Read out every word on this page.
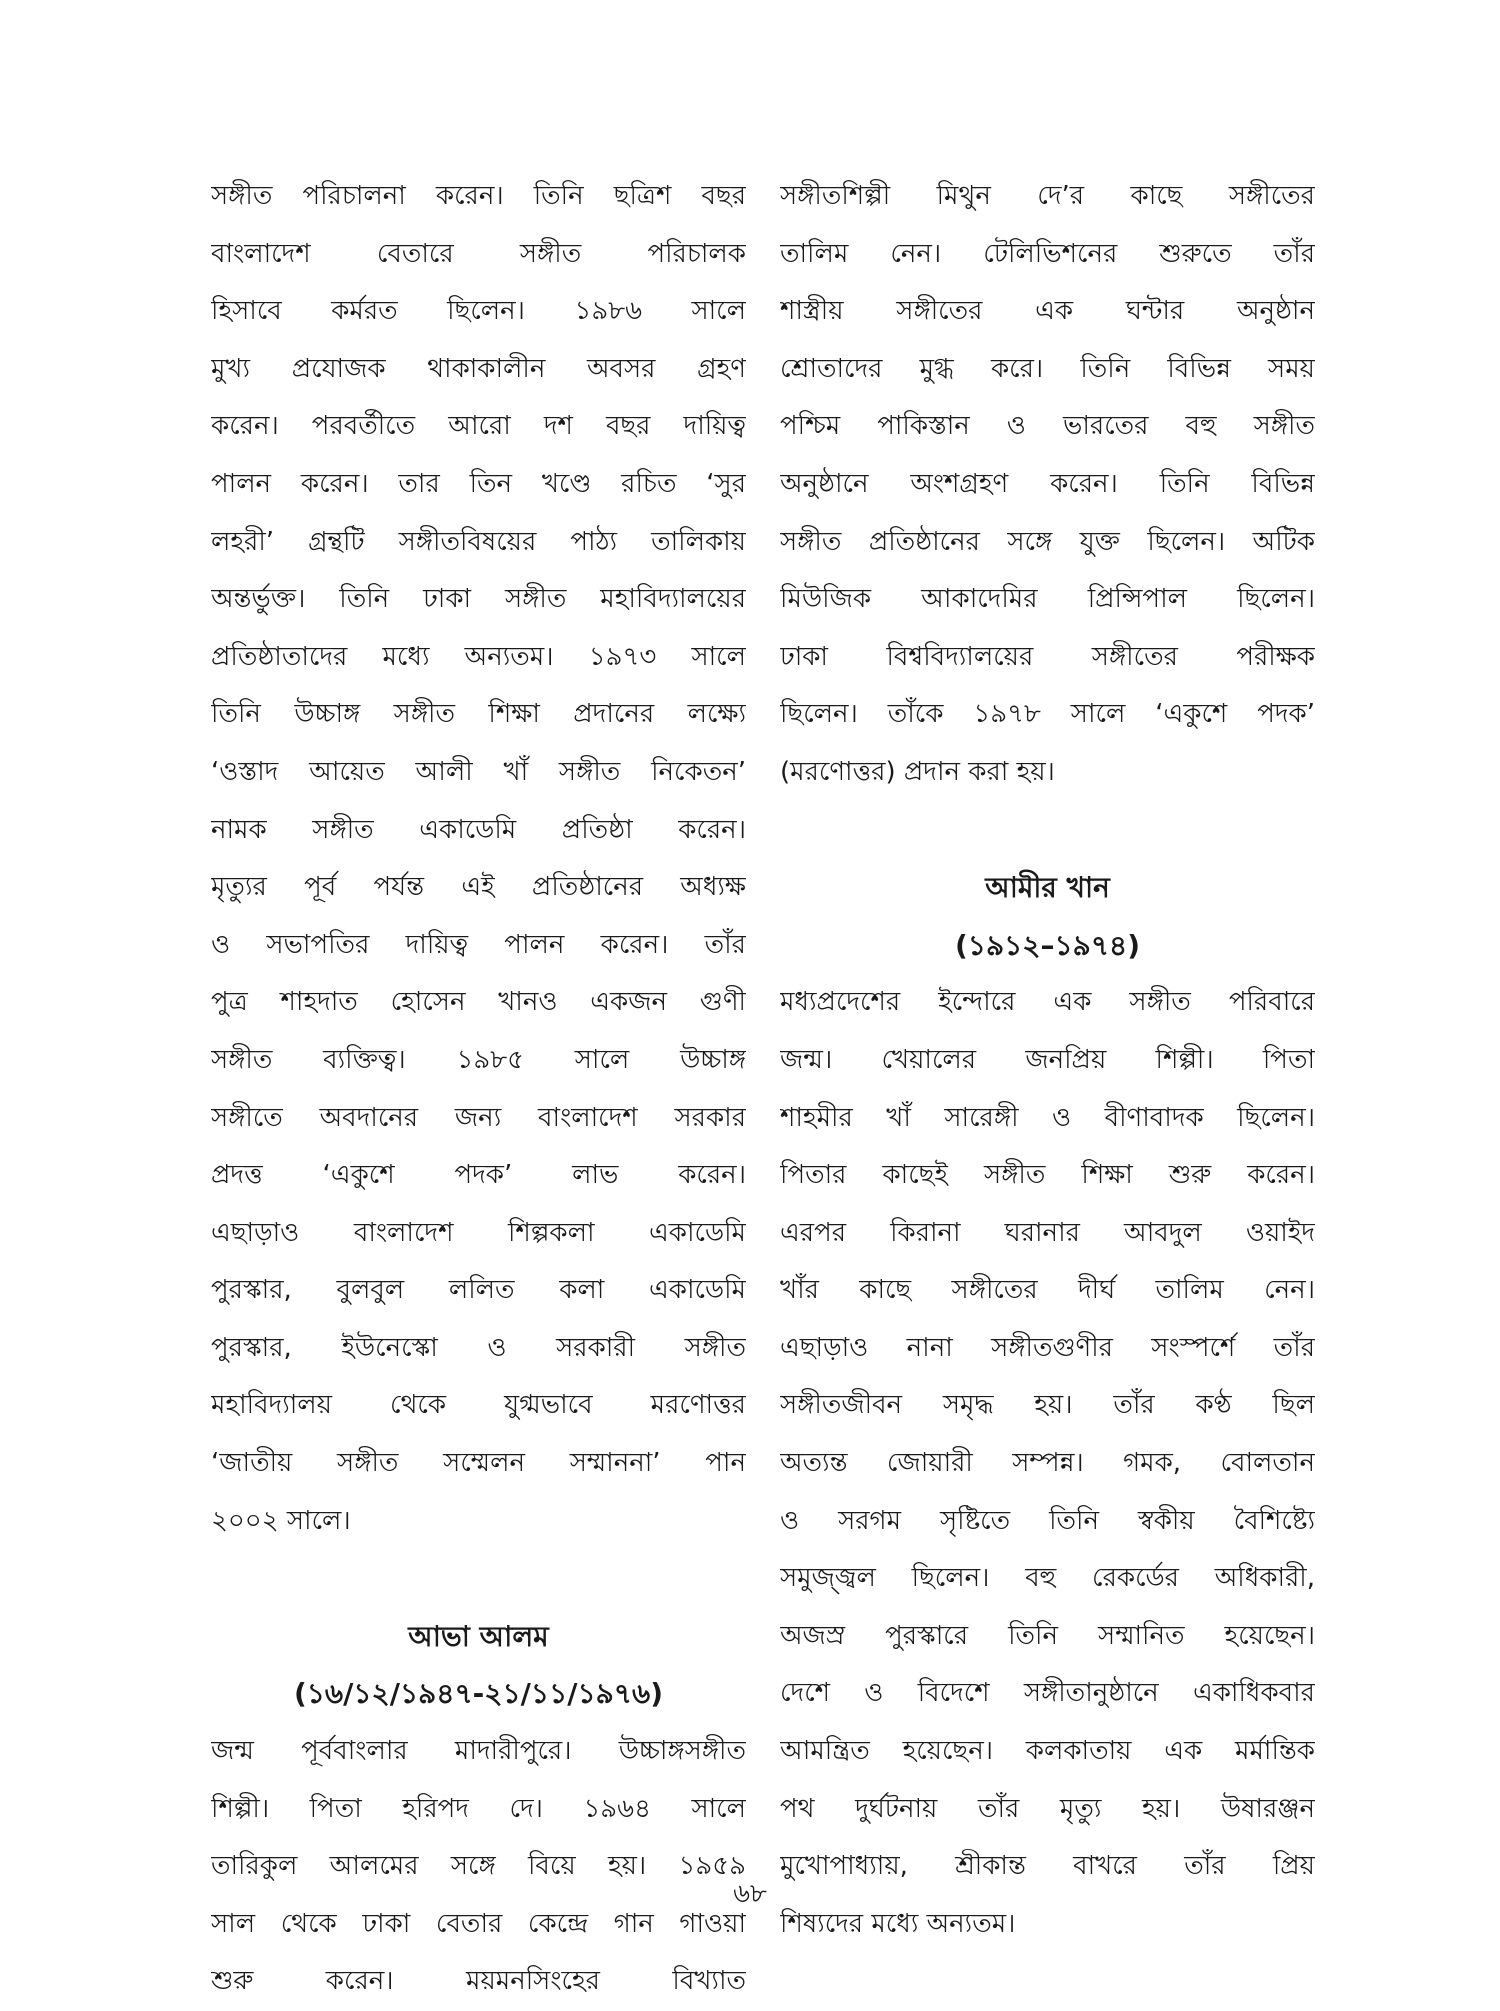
সঙ্গীত পরিচালনা করেন। তিনি ছত্রিশ বছর
বাংলাদেশ বেতারে সঙ্গীত পরিচালক
হিসাবে কর্মরত ছিলেন। ১৯৮৬ সালে
মুখ্য প্রযোজক থাকাকালীন অবসর গ্রহণ
করেন। পরবর্তীতে আরো দশ বছর দায়িত্ব
পালন করেন। তার তিন খণ্ডে রচিত ‘সুর
লহরী’ গ্রন্থটি সঙ্গীতবিষয়ের পাঠ্য তালিকায়
অন্তর্ভুক্ত। তিনি ঢাকা সঙ্গীত মহাবিদ্যালয়ের
প্রতিষ্ঠাতাদের মধ্যে অন্যতম। ১৯৭৩ সালে
তিনি উচ্চাঙ্গ সঙ্গীত শিক্ষা প্রদানের লক্ষ্যে
‘ওস্তাদ আয়েত আলী খাঁ সঙ্গীত নিকেতন’
নামক সঙ্গীত একাডেমি প্রতিষ্ঠা করেন।
মৃত্যুর পূর্ব পর্যন্ত এই প্রতিষ্ঠানের অধ্যক্ষ
ও সভাপতির দায়িত্ব পালন করেন। তাঁর
পুত্র শাহদাত হোসেন খানও একজন গুণী
সঙ্গীত ব্যক্তিত্ব। ১৯৮৫ সালে উচ্চাঙ্গ
সঙ্গীতে অবদানের জন্য বাংলাদেশ সরকার
প্রদত্ত ‘একুশে পদক’ লাভ করেন।
এছাড়াও বাংলাদেশ শিল্পকলা একাডেমি
পুরস্কার, বুলবুল ললিত কলা একাডেমি
পুরস্কার, ইউনেস্কো ও সরকারী সঙ্গীত
মহাবিদ্যালয় থেকে যুগ্মভাবে মরণোত্তর
‘জাতীয় সঙ্গীত সম্মেলন সম্মাননা’ পান
২০০২ সালে।
আভা আলম
(১৬/১২/১৯৪৭-২১/১১/১৯৭৬)
জন্ম পূর্ববাংলার মাদারীপুরে। উচ্চাঙ্গসঙ্গীত
শিল্পী। পিতা হরিপদ দে। ১৯৬৪ সালে
তারিকুল আলমের সঙ্গে বিয়ে হয়। ১৯৫৯
সাল থেকে ঢাকা বেতার কেন্দ্রে গান গাওয়া
শুরু করেন। ময়মনসিংহের বিখ্যাত
সঙ্গীতশিল্পী মিথুন দে’র কাছে সঙ্গীতের
তালিম নেন। টেলিভিশনের শুরুতে তাঁর
শাস্ত্রীয় সঙ্গীতের এক ঘন্টার অনুষ্ঠান
শ্রোতাদের মুগ্ধ করে। তিনি বিভিন্ন সময়
পশ্চিম পাকিস্তান ও ভারতের বহু সঙ্গীত
অনুষ্ঠানে অংশগ্রহণ করেন। তিনি বিভিন্ন
সঙ্গীত প্রতিষ্ঠানের সঙ্গে যুক্ত ছিলেন। অটিক
মিউজিক আকাদেমির প্রিন্সিপাল ছিলেন।
ঢাকা বিশ্ববিদ্যালয়ের সঙ্গীতের পরীক্ষক
ছিলেন। তাঁকে ১৯৭৮ সালে ‘একুশে পদক’
(মরণোত্তর) প্রদান করা হয়।
আমীর খান
(১৯১২–১৯৭৪)
মধ্যপ্রদেশের ইন্দোরে এক সঙ্গীত পরিবারে
জন্ম। খেয়ালের জনপ্রিয় শিল্পী। পিতা
শাহমীর খাঁ সারেঙ্গী ও বীণাবাদক ছিলেন।
পিতার কাছেই সঙ্গীত শিক্ষা শুরু করেন।
এরপর কিরানা ঘরানার আবদুল ওয়াইদ
খাঁর কাছে সঙ্গীতের দীর্ঘ তালিম নেন।
এছাড়াও নানা সঙ্গীতগুণীর সংস্পর্শে তাঁর
সঙ্গীতজীবন সমৃদ্ধ হয়। তাঁর কণ্ঠ ছিল
অত্যন্ত জোয়ারী সম্পন্ন। গমক, বোলতান
ও সরগম সৃষ্টিতে তিনি স্বকীয় বৈশিষ্ট্যে
সমুজ্জ্বল ছিলেন। বহু রেকর্ডের অধিকারী,
অজস্র পুরস্কারে তিনি সম্মানিত হয়েছেন।
দেশে ও বিদেশে সঙ্গীতানুষ্ঠানে একাধিকবার
আমন্ত্রিত হয়েছেন। কলকাতায় এক মর্মান্তিক
পথ দুর্ঘটনায় তাঁর মৃত্যু হয়। উষারঞ্জন
মুখোপাধ্যায়, শ্রীকান্ত বাখরে তাঁর প্রিয়
শিষ্যদের মধ্যে অন্যতম।
৬৮
